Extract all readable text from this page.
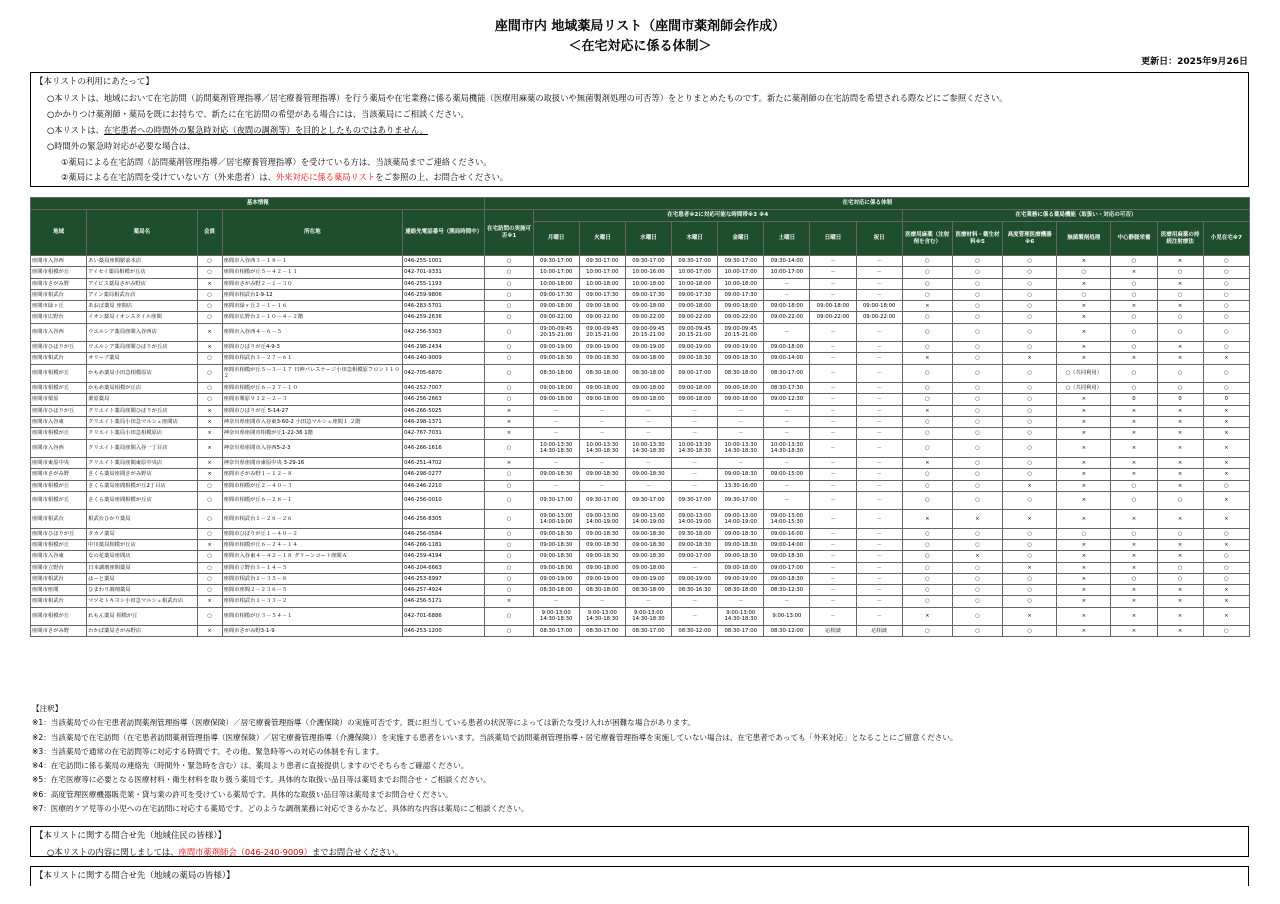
座間市内 地域薬局リスト（座間市薬剤師会作成）
＜在宅対応に係る体制＞
更新日：2025年9月26日
【本リストの利用にあたって】
○本リストは、地域において在宅訪問（訪問薬剤管理指導／居宅療養管理指導）を行う薬局や在宅業務に係る薬局機能（医療用麻薬の取扱いや無菌製剤処理の可否等）をとりまとめたものです。新たに薬剤師の在宅訪問を希望される際などにご参照ください。
○かかりつけ薬剤師・薬局を既にお持ちで、新たに在宅訪問の希望がある場合には、当該薬局にご相談ください。
○本リストは、在宅患者への時間外の緊急時対応（夜間の調剤等）を目的としたものではありません。
○時間外の緊急時対応が必要な場合は、
①薬局による在宅訪問（訪問薬剤管理指導／居宅療養管理指導）を受けている方は、当該薬局までご連絡ください。
②薬局による在宅訪問を受けていない方（外来患者）は、外来対応に係る薬局リストをご参照の上、お問合せください。
基本情報					在宅対応に係る体制															
地域	薬局名	会員	所在地	連絡先電話番号（開局時間中）	在宅訪問の実施可否※1	在宅患者※2に対応可能な時間帯※3 ※4								在宅業務に係る薬局機能（取扱い・対応の可否）						
						月曜日	火曜日	水曜日	木曜日	金曜日	土曜日	日曜日	祝日	医療用麻薬（注射剤を含む）	医療材料・衛生材料※5	高度管理医療機器※6	無菌製剤処理	中心静脈栄養	医療用麻薬の持続注射療法	小児在宅※7
座間市入谷西	あい薬局座間駅前本店	○	座間市入谷西３－１８－１	046-255-1001	○	09:30-17:00	09:30-17:00	09:30-17:00	09:30-17:00	09:30-17:00	09:30-14:00	－	－	○	○	○	×	○	×	○
座間市相模が丘	アイセイ薬局相模が丘店	○	座間市相模が丘５－４２－１１	042-701-9331	○	10:00-17:00	10:00-17:00	10:00-16:00	10:00-17:00	10:00-17:00	10:00-17:00	－	－	○	○	○	○	×	○	○
座間市さがみ野	アイビス薬局さがみ野店	×	座間市さがみ野２－１－３０	046-255-1193	○	10:00-18:00	10:00-18:00	10:00-18:00	10:00-18:00	10:00-18:00	－	－	－	○	○	○	×	○	×	○
座間市相武台	アイン薬局相武台店	○	座間市相武台1-9-12	046-259-9806	○	09:00-17:30	09:00-17:30	09:00-17:30	09:00-17:30	09:00-17:30	－	－	－	○	○	○	○	○	○	○
座間市緑ヶ丘	あおば薬局 座間店	○	座間市緑ヶ丘２－１－１６	046-283-5701	○	09:00-18:00	09:00-18:00	09:00-18:00	09:00-18:00	09:00-18:00	09:00-18:00	09:00-18:00	09:00-18:00	×	○	○	×	×	×	○
座間市広野台	イオン薬局イオンスタイル座間	○	座間市広野台２－１０－４－２階	046-259-2636	○	09:00-22:00	09:00-22:00	09:00-22:00	09:00-22:00	09:00-22:00	09:00-22:00	09:00-22:00	09:00-22:00	○	○	○	×	○	○	○
座間市入谷西	ウエルシア薬局座間入谷西店	×	座間市入谷西４－６－５	042-256-5303	○	09:00-09:45 20:15-21:00	09:00-09:45 20:15-21:00	09:00-09:45 20:15-21:00	09:00-09:45 20:15-21:00	09:00-09:45 20:15-21:00	－	－	－	○	○	○	×	○	○	○
座間市ひばりが丘	ウエルシア薬局座間ひばりが丘店	×	座間市ひばりが丘4-9-3	046-298-2434	○	09:00-19:00	09:00-19:00	09:00-19:00	09:00-19:00	09:00-19:00	09:00-18:00	－	－	○	○	○	×	○	×	○
座間市相武台	オリーブ薬局	○	座間市相武台３－２７－６１	046-240-9009	○	09:00-18:30	09:00-18:30	09:00-18:00	09:00-18:30	09:00-18:30	09:00-14:00	－	－	×	○	×	×	×	×	×
座間市相模が丘	かもめ薬局小田急相模原店	○	座間市相模が丘５－３－１７ 日神パレステージ小田急相模原フロント１０２	042-705-6870	○	08:30-18:00	08:30-18:00	08:30-18:00	09:00-17:00	08:30-18:00	08:30-17:00	－	－	○	○	○	○（共同利用）	○	○	○
座間市相模が丘	かもめ薬局相模が丘店	○	座間市相模が丘６－２７－１０	046-252-7007	○	09:00-18:00	09:00-18:00	09:00-18:00	09:00-18:00	09:00-18:00	08:30-17:30	－	－	○	○	○	○（共同利用）	○	○	○
座間市栗原	栗原薬局	○	座間市栗原９１２－２－３	046-256-2663	○	09:00-18:00	09:00-18:00	09:00-18:00	09:00-18:00	09:00-18:00	09:00-12:30	－	－	○	○	○	×	0	0	0
座間市ひばりが丘	クリエイト薬局座間ひばりが丘店	×	座間市ひばりが丘 5-14-27	046-266-5025	×	－	－	－	－	－	－	－	－	×	○	○	×	×	×	×
座間市入谷東	クリエイト薬局小田急マルシェ座間店	×	神奈川県座間市入谷東3-60-2 小田急マルシェ座間１ ２階	046-298-1371	×	－	－	－	－	－	－	－	－	○	○	○	×	×	×	×
座間市相模が丘	クリエイト薬局小田急相模原店	×	神奈川県座間市相模が丘1-22-36 1階	042-767-7031	×	－	－	－	－	－	－	－	－	○	○	○	×	×	×	×
座間市入谷西	クリエイト薬局座間入谷一丁目店	×	神奈川県座間市入谷西5-2-3	046-266-1616	○	10:00-13:30 14:30-18:30	10:00-13:30 14:30-18:30	10:00-13:30 14:30-18:30	10:00-13:30 14:30-18:30	10:00-13:30 14:30-18:30	10:00-13:30 14:30-18:30	－	－	○	○	○	×	×	×	×
座間市東原中央	クリエイト薬局座間東原中央店	×	神奈川県座間市東原中央 3-29-16	046-251-4702	×	－	－	－	－	－	－	－	－	×	○	○	×	×	×	×
座間市さがみ野	さくら薬局座間さがみ野店	×	座間市さがみ野１－１２－８	046-298-0277	○	09:00-18:30	09:00-18:30	09:00-18:30	－	09:00-18:30	09:00-15:00	－	－	○	○	○	×	×	×	×
座間市相模が丘	さくら薬局座間相模が丘2丁目店	○	座間市相模が丘２－４０－３	046-246-2210	○	－	－	－	－	13:30-16:00	－	－	－	○	○	×	×	○	×	○
座間市相模が丘	さくら薬局座間相模が丘店	○	座間市相模が丘６－２８－１	046-256-0010	○	09:30-17:00	09:30-17:00	09:30-17:00	09:30-17:00	09:30-17:00	－	－	－	○	○	○	×	○	○	×
座間市相武台	相武台ひかり薬局	○	座間市相武台１－２６－２６	046-256-8305	○	09:00-13:00 14:00-19:00	09:00-13:00 14:00-19:00	09:00-13:00 14:00-19:00	09:00-13:00 14:00-19:00	09:00-13:00 14:00-19:00	09:00-13:00 14:00-15:30	－	－	×	×	×	×	×	×	×
座間市ひばりが丘	タカノ薬局	○	座間市ひばりが丘１－４０－２	046-256-0584	○	09:00-18:30	09:00-18:30	09:00-18:30	09:30-18:00	09:00-18:30	09:00-16:00	－	－	○	○	○	○	○	○	○
座間市相模が丘	中川薬局相模が丘店	×	座間市相模が丘６－２４－１４	046-266-1181	○	09:00-18:30	09:00-18:30	09:00-18:30	09:00-18:30	09:00-18:30	09:00-14:00	－	－	○	○	○	×	×	×	×
座間市入谷東	なの花薬局座間店	○	座間市入谷東４－４２－１８ グリーンコート座間Ａ	046-259-4194	○	09:00-18:30	09:00-18:30	09:00-18:30	09:00-17:00	09:00-18:30	09:00-18:30	－	－	○	×	○	×	×	×	○
座間市立野台	日本調剤座間薬局	○	座間市立野台３－１４－５	046-204-6663	○	09:00-18:00	09:00-18:00	09:00-18:00	－	09:00-18:00	09:00-17:00	－	－	○	○	×	×	×	○	○
座間市相武台	はーと薬局	○	座間市相武台１－３５－８	046-253-8997	○	09:00-19:00	09:00-19:00	09:00-19:00	09:00-19:00	09:00-19:00	09:00-18:30	－	－	○	○	○	×	○	○	○
座間市座間	ひまわり調剤薬局	○	座間市座間２－２３６－５	046-257-4924	○	08:30-18:00	08:30-18:00	08:30-18:00	08:30-16:30	08:30-18:00	08:30-12:30	－	－	○	○	○	×	×	×	×
座間市相武台	マツモトキヨシ小田急マルシェ相武台店	×	座間市相武台１－３３－２	046-256-5171	×	－	－	－	－	－	－	－	－	○	○	○	×	×	×	×
座間市相模が丘	れもん薬局 相模が丘	○	座間市相模が丘３－５４－１	042-701-6886	○	9:00-13:00 14:30-18:30	9:00-13:00 14:30-18:30	9:00-13:00 14:30-18:30	－	9:00-13:00 14:30-18:30	9:00-13:00	－	－	×	○	×	×	×	×	×
座間市さがみ野	わかば薬局さがみ野店	×	座間市さがみ野3-1-9	046-253-1200	○	08:30-17:00	08:30-17:00	08:30-17:00	08:30-12:00	08:30-17:00	08:30-12:00	応相談	応相談	○	○	○	×	×	×	○
【注釈】
※1：当該薬局での在宅患者訪問薬剤管理指導（医療保険）／居宅療養管理指導（介護保険）の実施可否です。既に担当している患者の状況等によっては新たな受け入れが困難な場合があります。
※2：当該薬局で在宅訪問（在宅患者訪問薬剤管理指導（医療保険）／居宅療養管理指導（介護保険））を実施する患者をいいます。当該薬局で訪問薬剤管理指導・居宅療養管理指導を実施していない場合は、在宅患者であっても「外来対応」となることにご留意ください。
※3：当該薬局で通常の在宅訪問等に対応する時間です。その他、緊急時等への対応の体制を有します。
※4：在宅訪問に係る薬局の連絡先（時間外・緊急時を含む）は、薬局より患者に直接提供しますのでそちらをご確認ください。
※5：在宅医療等に必要となる医療材料・衛生材料を取り扱う薬局です。具体的な取扱い品目等は薬局までお問合せ・ご相談ください。
※6：高度管理医療機器販売業・貸与業の許可を受けている薬局です。具体的な取扱い品目等は薬局までお問合せください。
※7：医療的ケア児等の小児への在宅訪問に対応する薬局です。どのような調剤業務に対応できるかなど、具体的な内容は薬局にご相談ください。
【本リストに関する問合せ先（地域住民の皆様）】
○本リストの内容に関しましては、座間市薬剤師会（046-240-9009）までお問合せください。
【本リストに関する問合せ先（地域の薬局の皆様）】
